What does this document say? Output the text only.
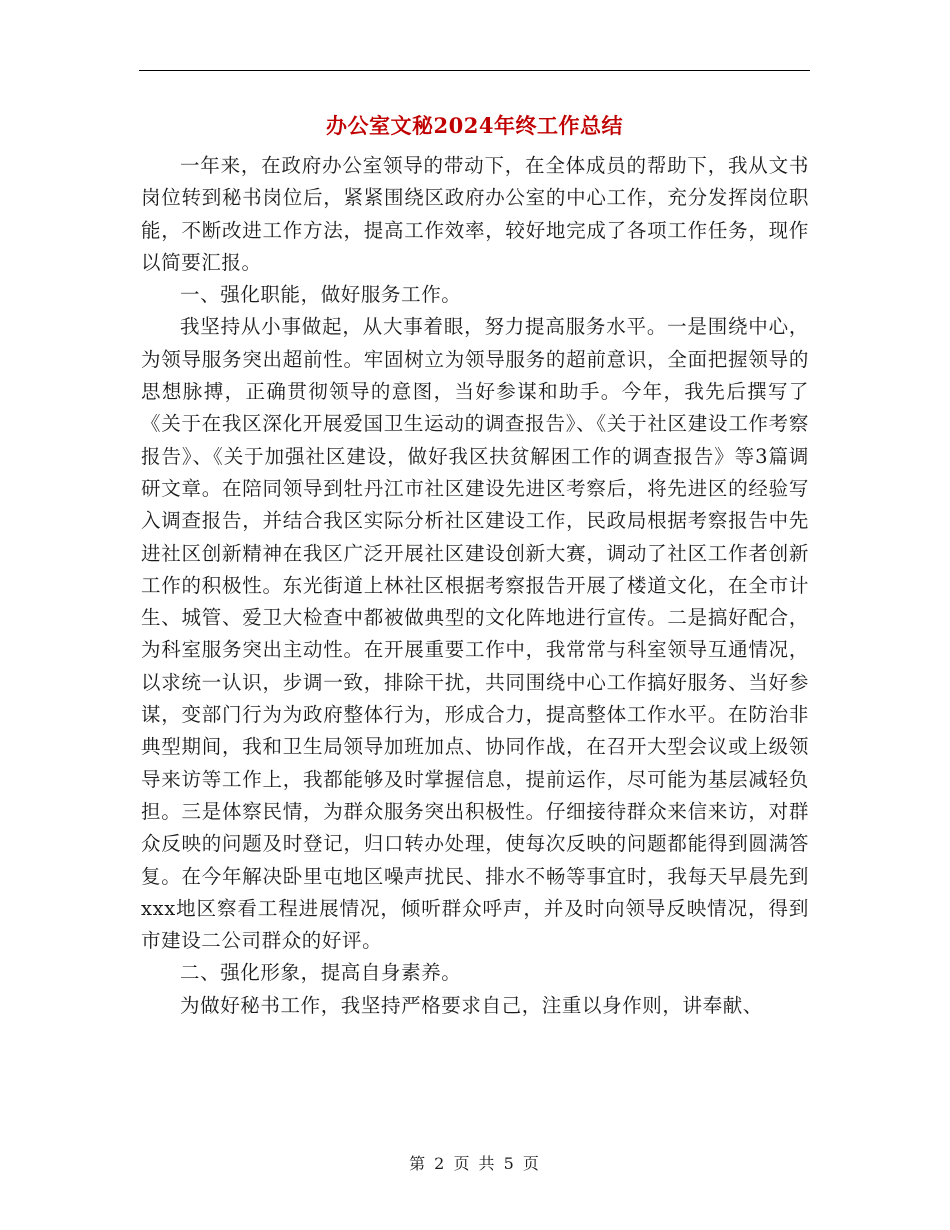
办公室文秘2024年终工作总结

一年来，在政府办公室领导的带动下，在全体成员的帮助下，我从文书岗位转到秘书岗位后，紧紧围绕区政府办公室的中心工作，充分发挥岗位职能，不断改进工作方法，提高工作效率，较好地完成了各项工作任务，现作以简要汇报。

一、强化职能，做好服务工作。

我坚持从小事做起，从大事着眼，努力提高服务水平。一是围绕中心，为领导服务突出超前性。牢固树立为领导服务的超前意识，全面把握领导的思想脉搏，正确贯彻领导的意图，当好参谋和助手。今年，我先后撰写了《关于在我区深化开展爱国卫生运动的调查报告》、《关于社区建设工作考察报告》、《关于加强社区建设，做好我区扶贫解困工作的调查报告》等3篇调研文章。在陪同领导到牡丹江市社区建设先进区考察后，将先进区的经验写入调查报告，并结合我区实际分析社区建设工作，民政局根据考察报告中先进社区创新精神在我区广泛开展社区建设创新大赛，调动了社区工作者创新工作的积极性。东光街道上林社区根据考察报告开展了楼道文化，在全市计生、城管、爱卫大检查中都被做典型的文化阵地进行宣传。二是搞好配合，为科室服务突出主动性。在开展重要工作中，我常常与科室领导互通情况，以求统一认识，步调一致，排除干扰，共同围绕中心工作搞好服务、当好参谋，变部门行为为政府整体行为，形成合力，提高整体工作水平。在防治非典型期间，我和卫生局领导加班加点、协同作战，在召开大型会议或上级领导来访等工作上，我都能够及时掌握信息，提前运作，尽可能为基层减轻负担。三是体察民情，为群众服务突出积极性。仔细接待群众来信来访，对群众反映的问题及时登记，归口转办处理，使每次反映的问题都能得到圆满答复。在今年解决卧里屯地区噪声扰民、排水不畅等事宜时，我每天早晨先到xxx地区察看工程进展情况，倾听群众呼声，并及时向领导反映情况，得到市建设二公司群众的好评。

二、强化形象，提高自身素养。

为做好秘书工作，我坚持严格要求自己，注重以身作则，讲奉献、

第 2 页 共 5 页
